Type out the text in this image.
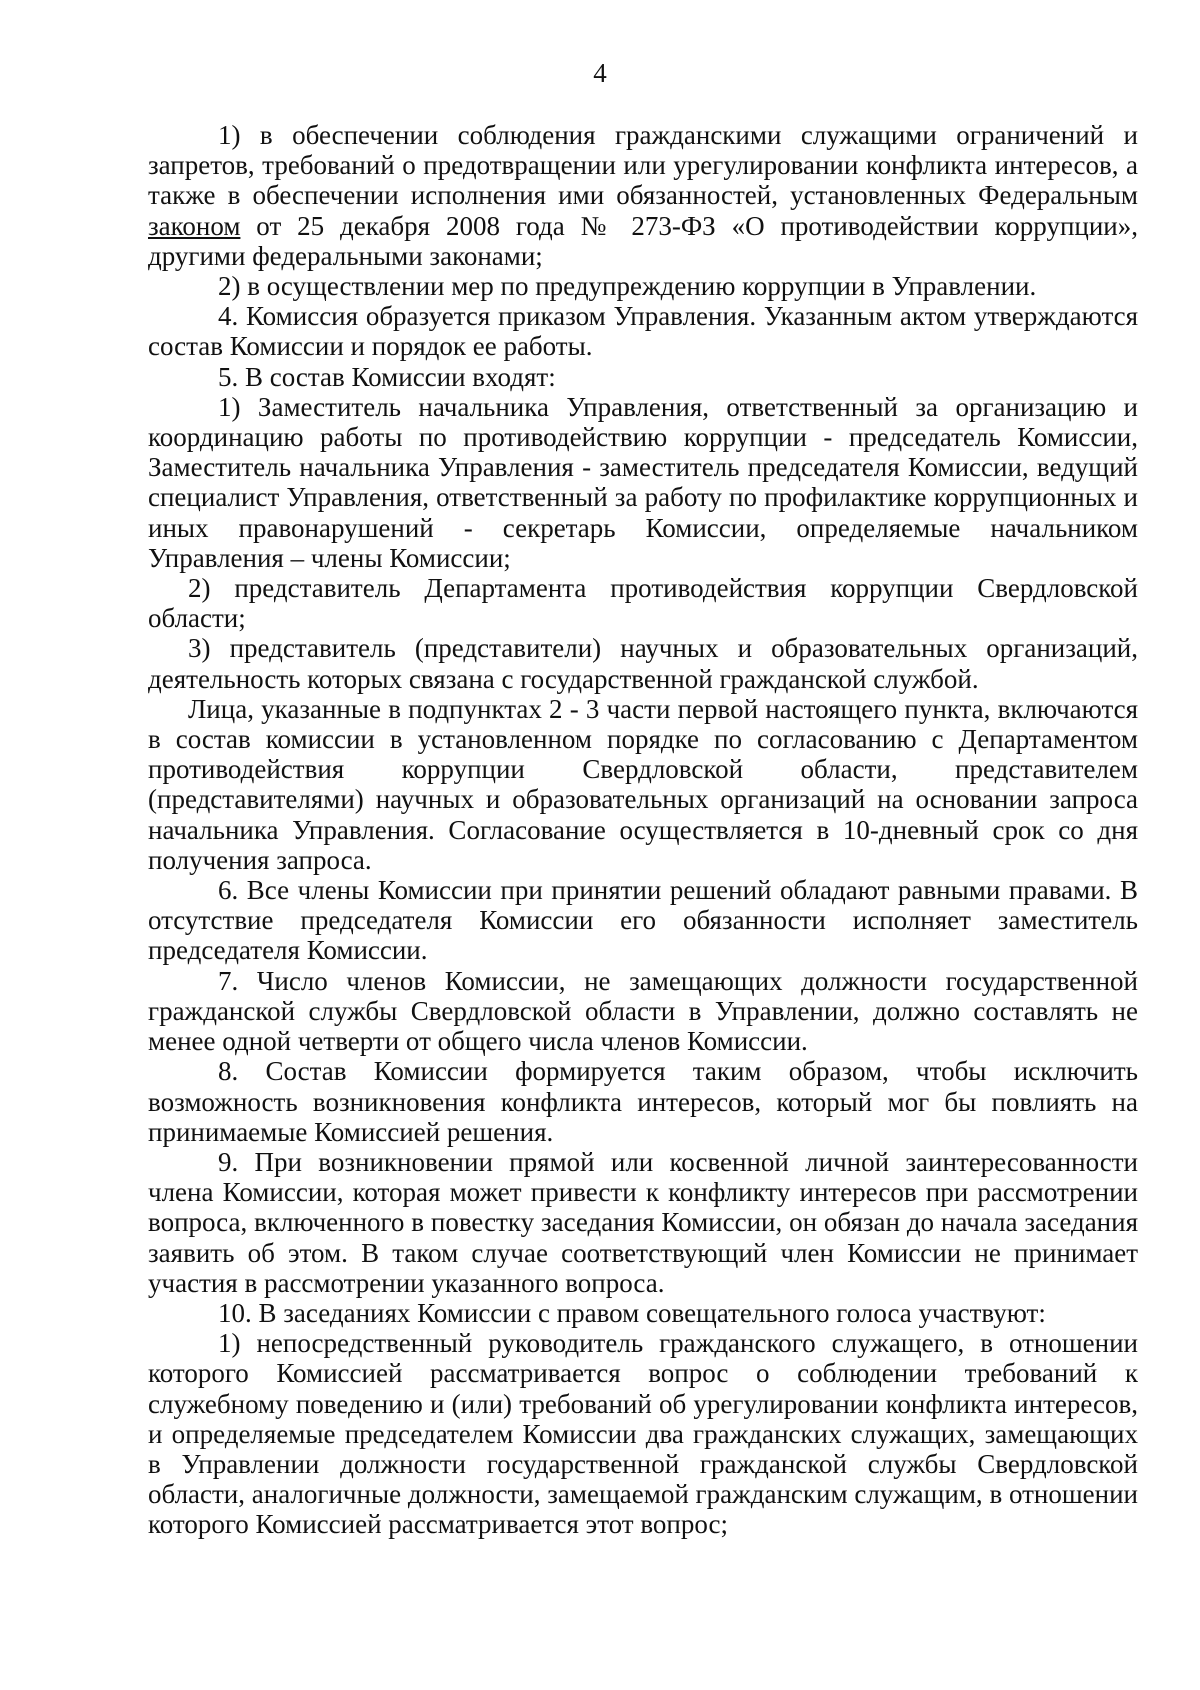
4

1) в обеспечении соблюдения гражданскими служащими ограничений и запретов, требований о предотвращении или урегулировании конфликта интересов, а также в обеспечении исполнения ими обязанностей, установленных Федеральным законом от 25 декабря 2008 года № 273-ФЗ «О противодействии коррупции», другими федеральными законами;

2) в осуществлении мер по предупреждению коррупции в Управлении.

4. Комиссия образуется приказом Управления. Указанным актом утверждаются состав Комиссии и порядок ее работы.

5. В состав Комиссии входят:

1) Заместитель начальника Управления, ответственный за организацию и координацию работы по противодействию коррупции - председатель Комиссии, Заместитель начальника Управления - заместитель председателя Комиссии, ведущий специалист Управления, ответственный за работу по профилактике коррупционных и иных правонарушений - секретарь Комиссии, определяемые начальником Управления – члены Комиссии;

2) представитель Департамента противодействия коррупции Свердловской области;

3) представитель (представители) научных и образовательных организаций, деятельность которых связана с государственной гражданской службой.

Лица, указанные в подпунктах 2 - 3 части первой настоящего пункта, включаются в состав комиссии в установленном порядке по согласованию с Департаментом противодействия коррупции Свердловской области, представителем (представителями) научных и образовательных организаций на основании запроса начальника Управления. Согласование осуществляется в 10-дневный срок со дня получения запроса.

6. Все члены Комиссии при принятии решений обладают равными правами. В отсутствие председателя Комиссии его обязанности исполняет заместитель председателя Комиссии.

7. Число членов Комиссии, не замещающих должности государственной гражданской службы Свердловской области в Управлении, должно составлять не менее одной четверти от общего числа членов Комиссии.

8. Состав Комиссии формируется таким образом, чтобы исключить возможность возникновения конфликта интересов, который мог бы повлиять на принимаемые Комиссией решения.

9. При возникновении прямой или косвенной личной заинтересованности члена Комиссии, которая может привести к конфликту интересов при рассмотрении вопроса, включенного в повестку заседания Комиссии, он обязан до начала заседания заявить об этом. В таком случае соответствующий член Комиссии не принимает участия в рассмотрении указанного вопроса.

10. В заседаниях Комиссии с правом совещательного голоса участвуют:

1) непосредственный руководитель гражданского служащего, в отношении которого Комиссией рассматривается вопрос о соблюдении требований к служебному поведению и (или) требований об урегулировании конфликта интересов, и определяемые председателем Комиссии два гражданских служащих, замещающих в Управлении должности государственной гражданской службы Свердловской области, аналогичные должности, замещаемой гражданским служащим, в отношении которого Комиссией рассматривается этот вопрос;
